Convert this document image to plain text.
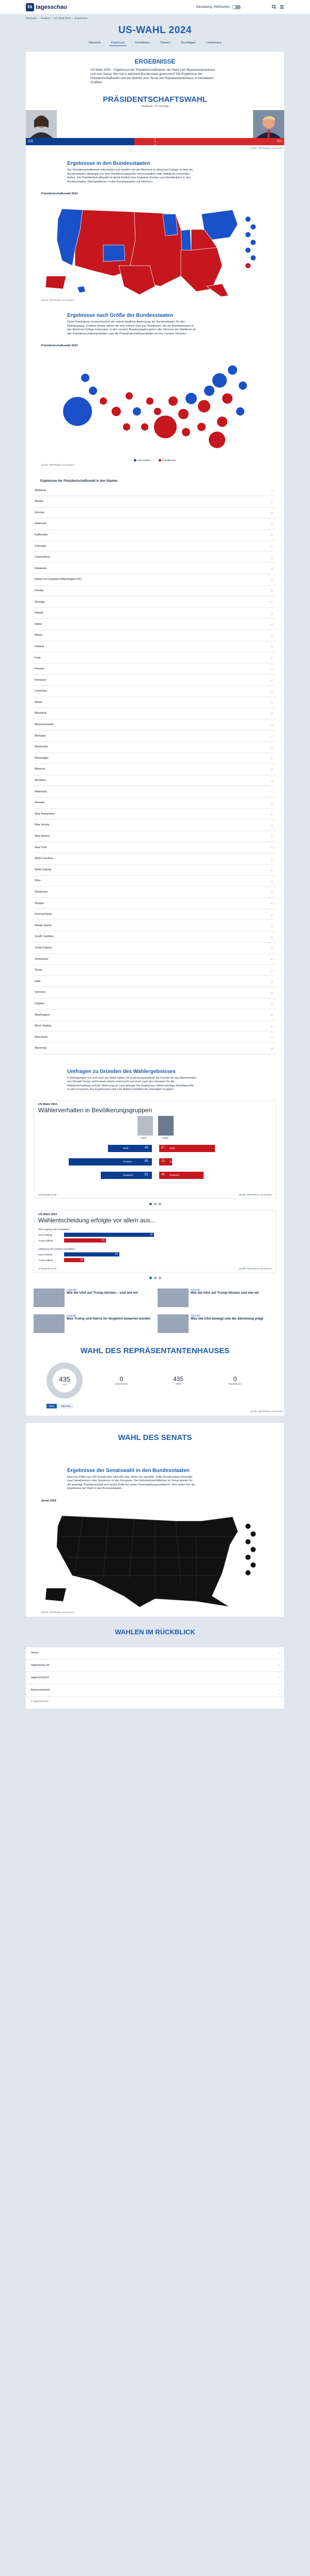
ts tagesschau	Darstellung: Hell/Dunkel
Startseite › Ausland › US-Wahl 2024 › Ergebnisse
US-WAHL 2024
Übersicht	Ergebnisse	Kandidaten	Themen	Grundlagen	Livestreams
ERGEBNISSE

US-Wahl 2024 – Ergebnisse der Präsidentschaftswahl, der Wahl zum Repräsentantenhaus und zum Senat: Wer hat in welchem Bundesstaat gewonnen? Die Ergebnisse der Präsidentschaftswahl und der Wahlen zum Senat und Repräsentantenhaus in interaktiven Grafiken.

PRÄSIDENTSCHAFTSWAHL
Wahlleute, 270 benötigt
226	312
Quelle: NEP/Edison via Reuters
Ergebnisse in den Bundesstaaten

Der Präsidentschaftswahl entscheidet sich letztlich mit der Mehrheit im Electoral College, in dem die Bundesstaaten abhängig von ihrer Bevölkerungsgröße unterschiedlich viele Wahlleute entsenden dürfen. Die Präsidentschaftswahl ist damit letztlich eine Ergebnis-Summe von Einzelwahlen in den Bundesstaaten. Nachgeblieben: in den Bundesstaaten mit Stimmen.

Präsidentschaftswahl 2024
Quelle: NEP/Edison via Reuters
Ergebnisse nach Größe der Bundesstaaten

Diese Darstellung veranschaulicht die unterschiedliche Bedeutung der Bundesstaaten für den Wahlausgang. Größere Kreise stehen für eine höhere Zahl von Wahlleuten, die die Bundesstaaten in das Electoral College entsenden. In den meisten Bundesstaaten gehen alle Stimmen der Wahlleute an den Präsidentschaftskandidaten oder die Präsidentschaftskandidatin mit den meisten Stimmen.

Präsidentschaftswahl 2024
Demokraten	Republikaner
Quelle: NEP/Edison via Reuters
Ergebnisse der Präsidentschaftswahl in den Staaten
Alabama	⌄
Alaska	⌄
Arizona	⌄
Arkansas	⌄
Kalifornien	⌄
Colorado	⌄
Connecticut	⌄
Delaware	⌄
District of Columbia (Washington DC)	⌄
Florida	⌄
Georgia	⌄
Hawaii	⌄
Idaho	⌄
Illinois	⌄
Indiana	⌄
Iowa	⌄
Kansas	⌄
Kentucky	⌄
Louisiana	⌄
Maine	⌄
Maryland	⌄
Massachusetts	⌄
Michigan	⌄
Minnesota	⌄
Mississippi	⌄
Missouri	⌄
Montana	⌄
Nebraska	⌄
Nevada	⌄
New Hampshire	⌄
New Jersey	⌄
New Mexico	⌄
New York	⌄
North Carolina	⌄
North Dakota	⌄
Ohio	⌄
Oklahoma	⌄
Oregon	⌄
Pennsylvania	⌄
Rhode Island	⌄
South Carolina	⌄
South Dakota	⌄
Tennessee	⌄
Texas	⌄
Utah	⌄
Vermont	⌄
Virginia	⌄
Washington	⌄
West Virginia	⌄
Wisconsin	⌄
Wyoming	⌄
Umfragen zu Gründen des Wahlergebnisses

In Befragungen vor und nach der Wahl haben US-Forschungsinstitute die Gründe für das Abschneiden von Donald Trump und Kamala Harris untersucht und auch nach den Gründen für die Wahlentscheidung und die Stimmung im Land gefragt. Die Ergebnisse liefern wichtige Anhaltspunkte zu den Ursachen des Ergebnisses und zum Wählerverhalten der jeweiligen Gruppen.

US-Wahl 2024
Wählerverhalten in Bevölkerungsgruppen
Harris	Trump
Weiß	45	57 Weiß
Schwarz	85	13 Schwarz
Hispanics	52	45 Hispanics
Umfrage/Exit-Poll	Quelle: NEP/Edison via Reuters
US-Wahl 2024
Wahlentscheidung erfolgte vor allem aus...
Überzeugung vom Kandidaten
Harris-Wähler	67
Trump-Wähler	31
Ablehnung des anderen Kandidaten
Harris-Wähler	41
Trump-Wähler	15
Umfrage/Exit-Poll	Quelle: NEP/Edison via Reuters
Infografik
Wie die USA auf Trump blicken – und wie wir
Infografik
Wie die USA auf Trump blicken und wie wir
Infografik
Was Trump und Harris im Vergleich bewertet werden
Infografik
Was die USA bewegt und die Stimmung prägt
WAHL DES REPRÄSENTANTENHAUSES
435
Sitze
0
Demokraten
435
Offen
0
Republikaner
Sitze	Stimmen
Quelle: NEP/Edison via Reuters
WAHL DES SENATS
Ergebnisse der Senatswahl in den Bundesstaaten

Etwa ein Drittel der 100 Senatssitze wird alle zwei Jahre neu gewählt. Jeder Bundesstaat entsendet zwei Senatorinnen oder Senatoren in den Kongress. Der Mehrheitsverhältnisse im Senat spielen für die jeweilige Präsidentschaft eine große Rolle bei vielen Gesetzgebungsverfahren. Hier sehen Sie die Ergebnisse der Wahl in den Bundesstaaten.

Senat 2024
Quelle: NEP/Edison via Reuters
WAHLEN IM RÜCKBLICK
Home	›
tagesschau.de	›
tagesschau24	›
Barrierefreiheit	›
© tagesschau.de
